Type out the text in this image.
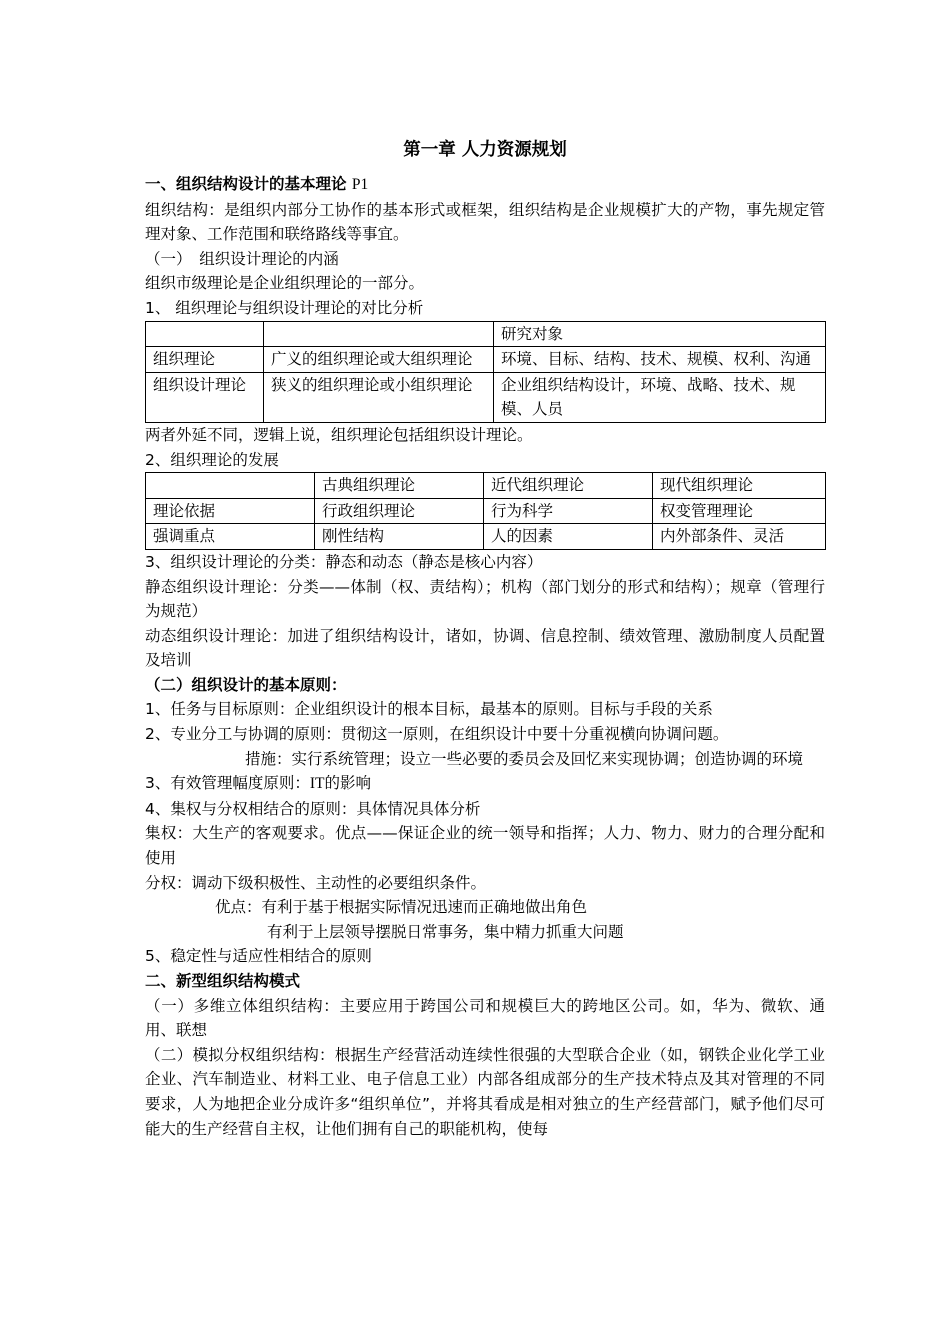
第一章 人力资源规划

一、组织结构设计的基本理论 P1

组织结构：是组织内部分工协作的基本形式或框架，组织结构是企业规模扩大的产物，事先规定管理对象、工作范围和联络路线等事宜。

（一）　组织设计理论的内涵

组织市级理论是企业组织理论的一部分。

1、 组织理论与组织设计理论的对比分析

		研究对象
组织理论	广义的组织理论或大组织理论	环境、目标、结构、技术、规模、权利、沟通
组织设计理论	狭义的组织理论或小组织理论	企业组织结构设计，环境、战略、技术、规模、人员

两者外延不同，逻辑上说，组织理论包括组织设计理论。

2、组织理论的发展

	古典组织理论	近代组织理论	现代组织理论
理论依据	行政组织理论	行为科学	权变管理理论
强调重点	刚性结构	人的因素	内外部条件、灵活

3、组织设计理论的分类：静态和动态（静态是核心内容）

静态组织设计理论：分类——体制（权、责结构）；机构（部门划分的形式和结构）；规章（管理行为规范）

动态组织设计理论：加进了组织结构设计，诸如，协调、信息控制、绩效管理、激励制度人员配置及培训

（二）组织设计的基本原则：

1、任务与目标原则：企业组织设计的根本目标，最基本的原则。目标与手段的关系

2、专业分工与协调的原则：贯彻这一原则，在组织设计中要十分重视横向协调问题。

措施：实行系统管理；设立一些必要的委员会及回忆来实现协调；创造协调的环境

3、有效管理幅度原则：IT的影响

4、集权与分权相结合的原则：具体情况具体分析

集权：大生产的客观要求。优点——保证企业的统一领导和指挥；人力、物力、财力的合理分配和使用

分权：调动下级积极性、主动性的必要组织条件。

优点：有利于基于根据实际情况迅速而正确地做出角色

有利于上层领导摆脱日常事务，集中精力抓重大问题

5、稳定性与适应性相结合的原则

二、新型组织结构模式

（一）多维立体组织结构：主要应用于跨国公司和规模巨大的跨地区公司。如，华为、微软、通用、联想

（二）模拟分权组织结构：根据生产经营活动连续性很强的大型联合企业（如，钢铁企业化学工业企业、汽车制造业、材料工业、电子信息工业）内部各组成部分的生产技术特点及其对管理的不同要求，人为地把企业分成许多“组织单位”，并将其看成是相对独立的生产经营部门，赋予他们尽可能大的生产经营自主权，让他们拥有自己的职能机构，使每
